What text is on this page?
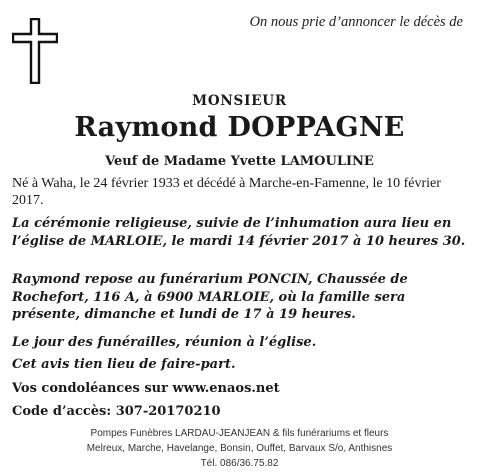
On nous prie d’annoncer le décès de
MONSIEUR
Raymond DOPPAGNE
Veuf de Madame Yvette LAMOULINE
Né à Waha, le 24 février 1933 et décédé à Marche-en-Famenne, le 10 février 2017.
La cérémonie religieuse, suivie de l’inhumation aura lieu en l’église de MARLOIE, le mardi 14 février 2017 à 10 heures 30.
Raymond repose au funérarium PONCIN, Chaussée de Rochefort, 116 A, à 6900 MARLOIE, où la famille sera présente, dimanche et lundi de 17 à 19 heures.
Le jour des funérailles, réunion à l’église.
Cet avis tien lieu de faire-part.
Vos condoléances sur www.enaos.net
Code d’accès: 307-20170210
Pompes Funèbres LARDAU-JEANJEAN & fils funérariums et fleurs
Melreux, Marche, Havelange, Bonsin, Ouffet, Barvaux S/o, Anthisnes
Tél. 086/36.75.82
